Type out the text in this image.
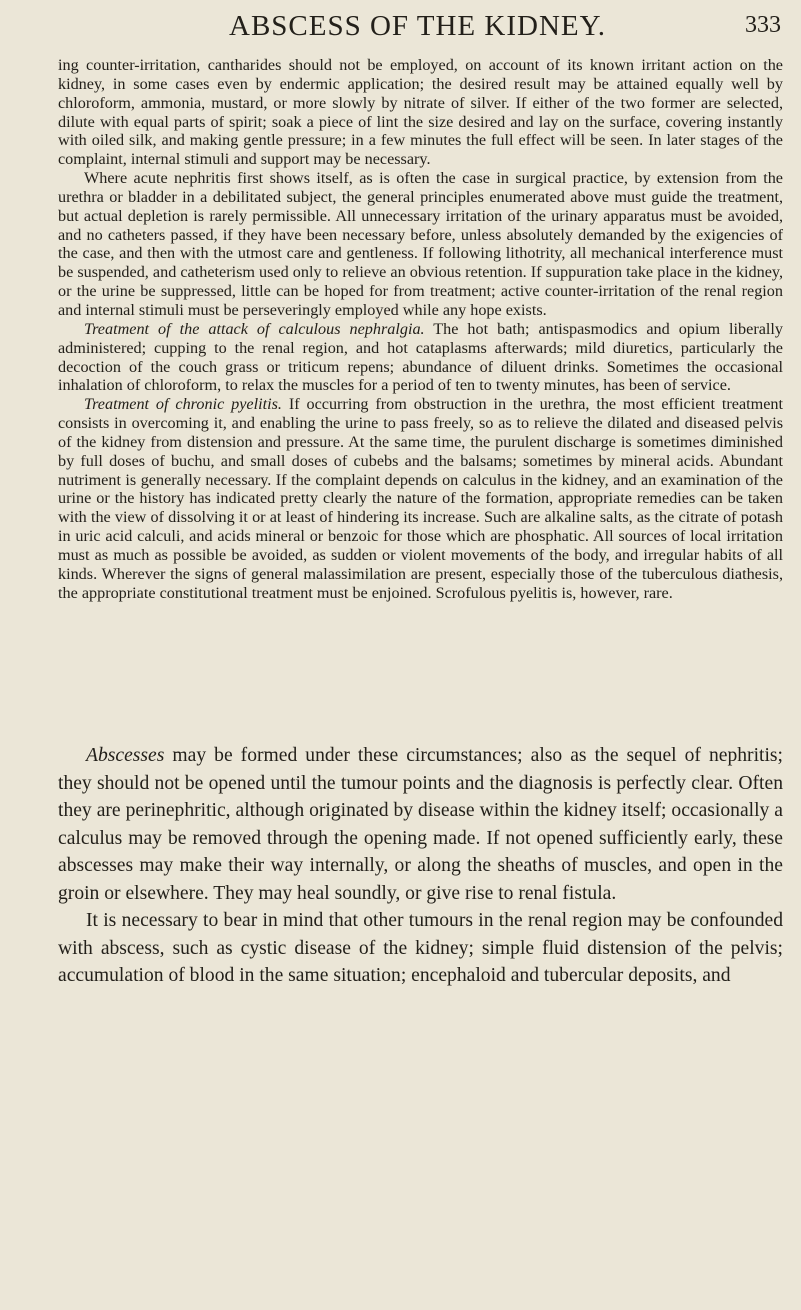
ABSCESS OF THE KIDNEY.	333

ing counter-irritation, cantharides should not be employed, on account of its known irritant action on the kidney, in some cases even by endermic application; the desired result may be attained equally well by chloroform, ammonia, mustard, or more slowly by nitrate of silver. If either of the two former are selected, dilute with equal parts of spirit; soak a piece of lint the size desired and lay on the surface, covering instantly with oiled silk, and making gentle pressure; in a few minutes the full effect will be seen. In later stages of the complaint, internal stimuli and support may be necessary.

Where acute nephritis first shows itself, as is often the case in surgical practice, by extension from the urethra or bladder in a debilitated subject, the general principles enumerated above must guide the treatment, but actual depletion is rarely permissible. All unnecessary irritation of the urinary apparatus must be avoided, and no catheters passed, if they have been necessary before, unless absolutely demanded by the exigencies of the case, and then with the utmost care and gentleness. If following lithotrity, all mechanical interference must be suspended, and catheterism used only to relieve an obvious retention. If suppuration take place in the kidney, or the urine be suppressed, little can be hoped for from treatment; active counter-irritation of the renal region and internal stimuli must be perseveringly employed while any hope exists.

Treatment of the attack of calculous nephralgia. The hot bath; antispasmodics and opium liberally administered; cupping to the renal region, and hot cataplasms afterwards; mild diuretics, particularly the decoction of the couch grass or triticum repens; abundance of diluent drinks. Sometimes the occasional inhalation of chloroform, to relax the muscles for a period of ten to twenty minutes, has been of service.

Treatment of chronic pyelitis. If occurring from obstruction in the urethra, the most efficient treatment consists in overcoming it, and enabling the urine to pass freely, so as to relieve the dilated and diseased pelvis of the kidney from distension and pressure. At the same time, the purulent discharge is sometimes diminished by full doses of buchu, and small doses of cubebs and the balsams; sometimes by mineral acids. Abundant nutriment is generally necessary. If the complaint depends on calculus in the kidney, and an examination of the urine or the history has indicated pretty clearly the nature of the formation, appropriate remedies can be taken with the view of dissolving it or at least of hindering its increase. Such are alkaline salts, as the citrate of potash in uric acid calculi, and acids mineral or benzoic for those which are phosphatic. All sources of local irritation must as much as possible be avoided, as sudden or violent movements of the body, and irregular habits of all kinds. Wherever the signs of general malassimilation are present, especially those of the tuberculous diathesis, the appropriate constitutional treatment must be enjoined. Scrofulous pyelitis is, however, rare.

Abscesses may be formed under these circumstances; also as the sequel of nephritis; they should not be opened until the tumour points and the diagnosis is perfectly clear. Often they are perinephritic, although originated by disease within the kidney itself; occasionally a calculus may be removed through the opening made. If not opened sufficiently early, these abscesses may make their way internally, or along the sheaths of muscles, and open in the groin or elsewhere. They may heal soundly, or give rise to renal fistula.

It is necessary to bear in mind that other tumours in the renal region may be confounded with abscess, such as cystic disease of the kidney; simple fluid distension of the pelvis; accumulation of blood in the same situation; encephaloid and tubercular deposits, and
